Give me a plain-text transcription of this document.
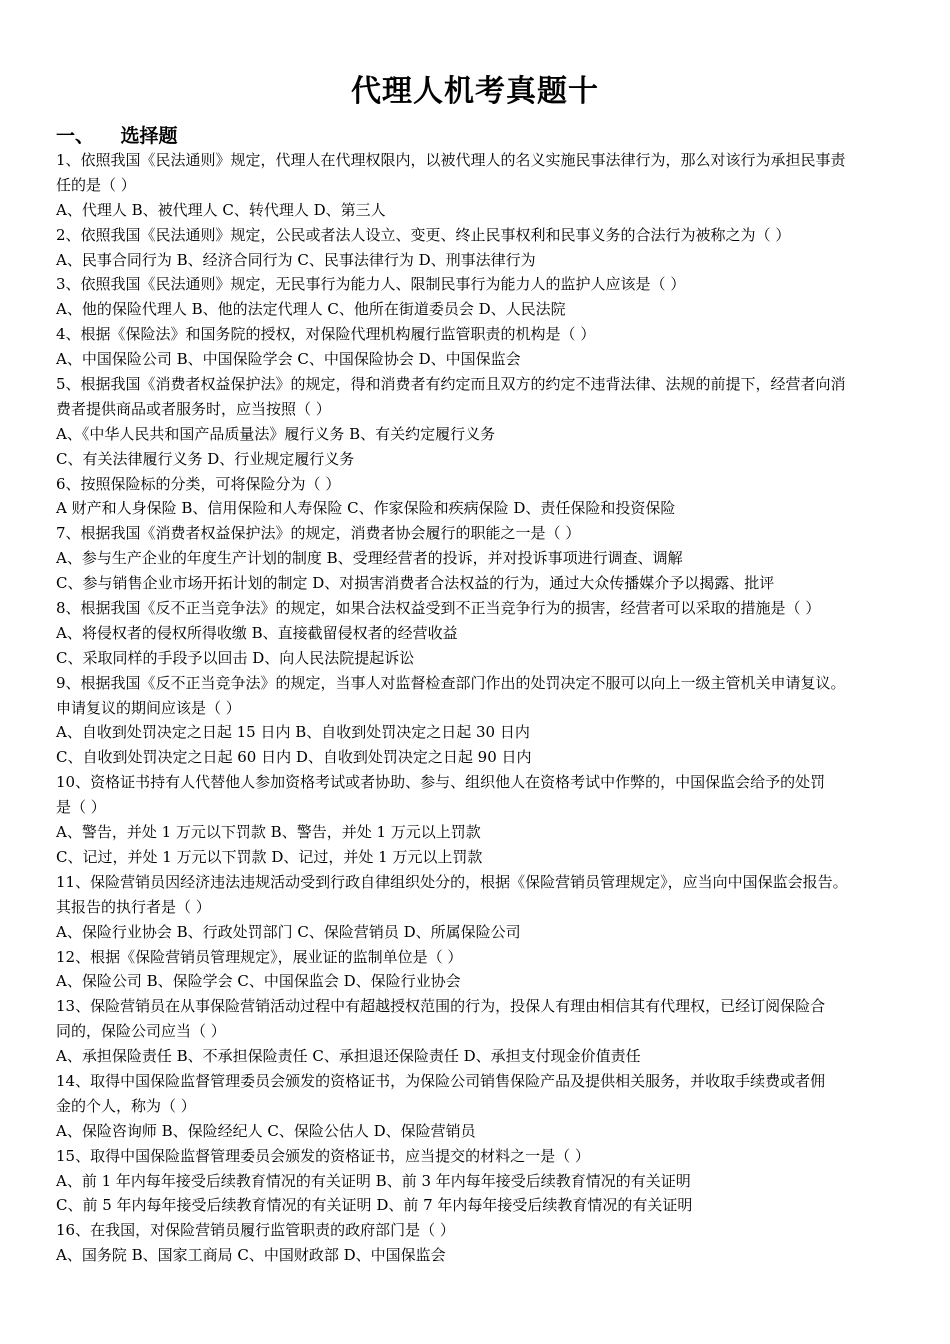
代理人机考真题十
一、    选择题
1、依照我国《民法通则》规定，代理人在代理权限内，以被代理人的名义实施民事法律行为，那么对该行为承担民事责
任的是（ ）
A、代理人 B、被代理人 C、转代理人 D、第三人
2、依照我国《民法通则》规定，公民或者法人设立、变更、终止民事权利和民事义务的合法行为被称之为（ ）
A、民事合同行为 B、经济合同行为 C、民事法律行为 D、刑事法律行为
3、依照我国《民法通则》规定，无民事行为能力人、限制民事行为能力人的监护人应该是（ ）
A、他的保险代理人 B、他的法定代理人 C、他所在街道委员会 D、人民法院
4、根据《保险法》和国务院的授权，对保险代理机构履行监管职责的机构是（ ）
A、中国保险公司 B、中国保险学会 C、中国保险协会 D、中国保监会
5、根据我国《消费者权益保护法》的规定，得和消费者有约定而且双方的约定不违背法律、法规的前提下，经营者向消
费者提供商品或者服务时，应当按照（ ）
A、《中华人民共和国产品质量法》履行义务 B、有关约定履行义务
C、有关法律履行义务 D、行业规定履行义务
6、按照保险标的分类，可将保险分为（ ）
A 财产和人身保险 B、信用保险和人寿保险 C、作家保险和疾病保险 D、责任保险和投资保险
7、根据我国《消费者权益保护法》的规定，消费者协会履行的职能之一是（ ）
A、参与生产企业的年度生产计划的制度 B、受理经营者的投诉，并对投诉事项进行调查、调解
C、参与销售企业市场开拓计划的制定 D、对损害消费者合法权益的行为，通过大众传播媒介予以揭露、批评
8、根据我国《反不正当竞争法》的规定，如果合法权益受到不正当竞争行为的损害，经营者可以采取的措施是（ ）
A、将侵权者的侵权所得收缴 B、直接截留侵权者的经营收益
C、采取同样的手段予以回击 D、向人民法院提起诉讼
9、根据我国《反不正当竞争法》的规定，当事人对监督检查部门作出的处罚决定不服可以向上一级主管机关申请复议。
申请复议的期间应该是（ ）
A、自收到处罚决定之日起 15 日内 B、自收到处罚决定之日起 30 日内
C、自收到处罚决定之日起 60 日内 D、自收到处罚决定之日起 90 日内
10、资格证书持有人代替他人参加资格考试或者协助、参与、组织他人在资格考试中作弊的，中国保监会给予的处罚
是（ ）
A、警告，并处 1 万元以下罚款 B、警告，并处 1 万元以上罚款
C、记过，并处 1 万元以下罚款 D、记过，并处 1 万元以上罚款
11、保险营销员因经济违法违规活动受到行政自律组织处分的，根据《保险营销员管理规定》，应当向中国保监会报告。
其报告的执行者是（ ）
A、保险行业协会 B、行政处罚部门 C、保险营销员 D、所属保险公司
12、根据《保险营销员管理规定》，展业证的监制单位是（ ）
A、保险公司 B、保险学会 C、中国保监会 D、保险行业协会
13、保险营销员在从事保险营销活动过程中有超越授权范围的行为，投保人有理由相信其有代理权，已经订阅保险合
同的，保险公司应当（ ）
A、承担保险责任 B、不承担保险责任 C、承担退还保险责任 D、承担支付现金价值责任
14、取得中国保险监督管理委员会颁发的资格证书，为保险公司销售保险产品及提供相关服务，并收取手续费或者佣
金的个人，称为（ ）
A、保险咨询师 B、保险经纪人 C、保险公估人 D、保险营销员
15、取得中国保险监督管理委员会颁发的资格证书，应当提交的材料之一是（ ）
A、前 1 年内每年接受后续教育情况的有关证明 B、前 3 年内每年接受后续教育情况的有关证明
C、前 5 年内每年接受后续教育情况的有关证明 D、前 7 年内每年接受后续教育情况的有关证明
16、在我国，对保险营销员履行监管职责的政府部门是（ ）
A、国务院 B、国家工商局 C、中国财政部 D、中国保监会
